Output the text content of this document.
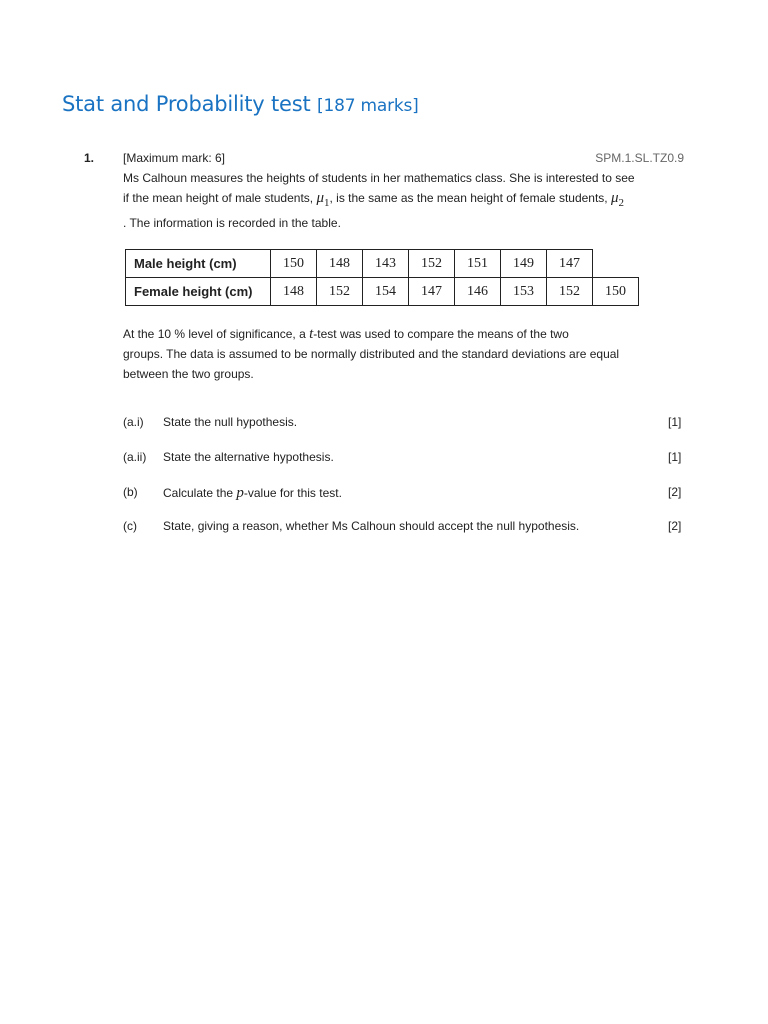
Stat and Probability test [187 marks]
1. [Maximum mark: 6]	SPM.1.SL.TZ0.9
Ms Calhoun measures the heights of students in her mathematics class. She is interested to see
if the mean height of male students, $\mu_1$, is the same as the mean height of female students, $\mu_2$
. The information is recorded in the table.
Male height (cm)	150	148	143	152	151	149	147	
Female height (cm)	148	152	154	147	146	153	152	150
At the 10 % level of significance, a t-test was used to compare the means of the two
groups. The data is assumed to be normally distributed and the standard deviations are equal
between the two groups.
(a.i) State the null hypothesis.	[1]
(a.ii) State the alternative hypothesis.	[1]
(b) Calculate the p-value for this test.	[2]
(c) State, giving a reason, whether Ms Calhoun should accept the null hypothesis.	[2]
